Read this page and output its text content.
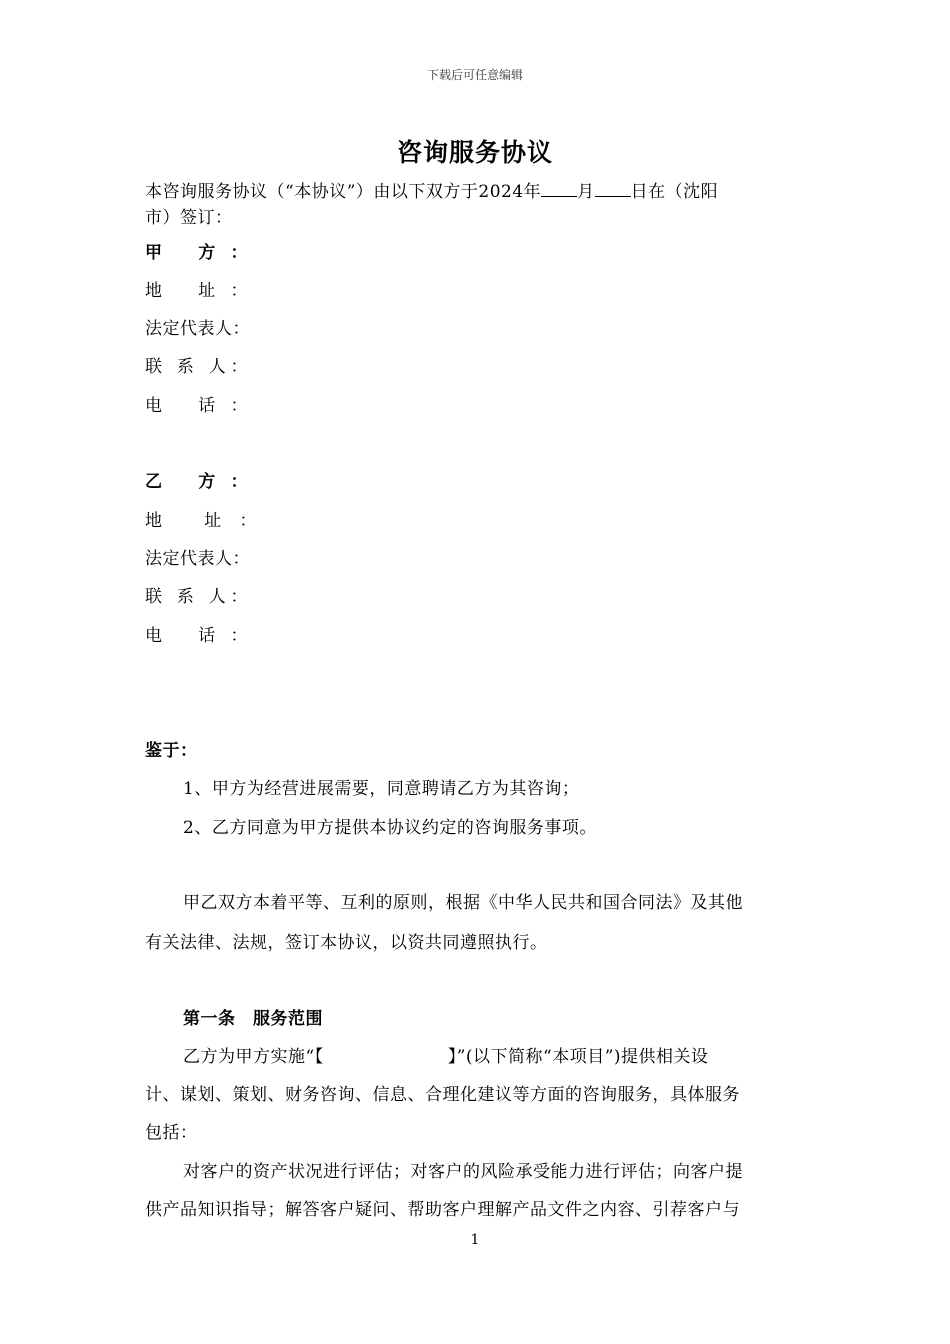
下载后可任意编辑
咨询服务协议
本咨询服务协议（“本协议”）由以下双方于2024年 月 日在（沈阳
市）签订：
甲 方：
地 址：
法定代表人：
联 系 人：
电 话：
乙 方：
地 址：
法定代表人：
联 系 人：
电 话：
鉴于：
1、甲方为经营进展需要，同意聘请乙方为其咨询；
2、乙方同意为甲方提供本协议约定的咨询服务事项。
甲乙双方本着平等、互利的原则，根据《中华人民共和国合同法》及其他
有关法律、法规，签订本协议，以资共同遵照执行。
第一条　服务范围
乙方为甲方实施“【	】”(以下简称“本项目”)提供相关设
计、谋划、策划、财务咨询、信息、合理化建议等方面的咨询服务，具体服务
包括：
对客户的资产状况进行评估；对客户的风险承受能力进行评估；向客户提
供产品知识指导；解答客户疑问、帮助客户理解产品文件之内容、引荐客户与
1
